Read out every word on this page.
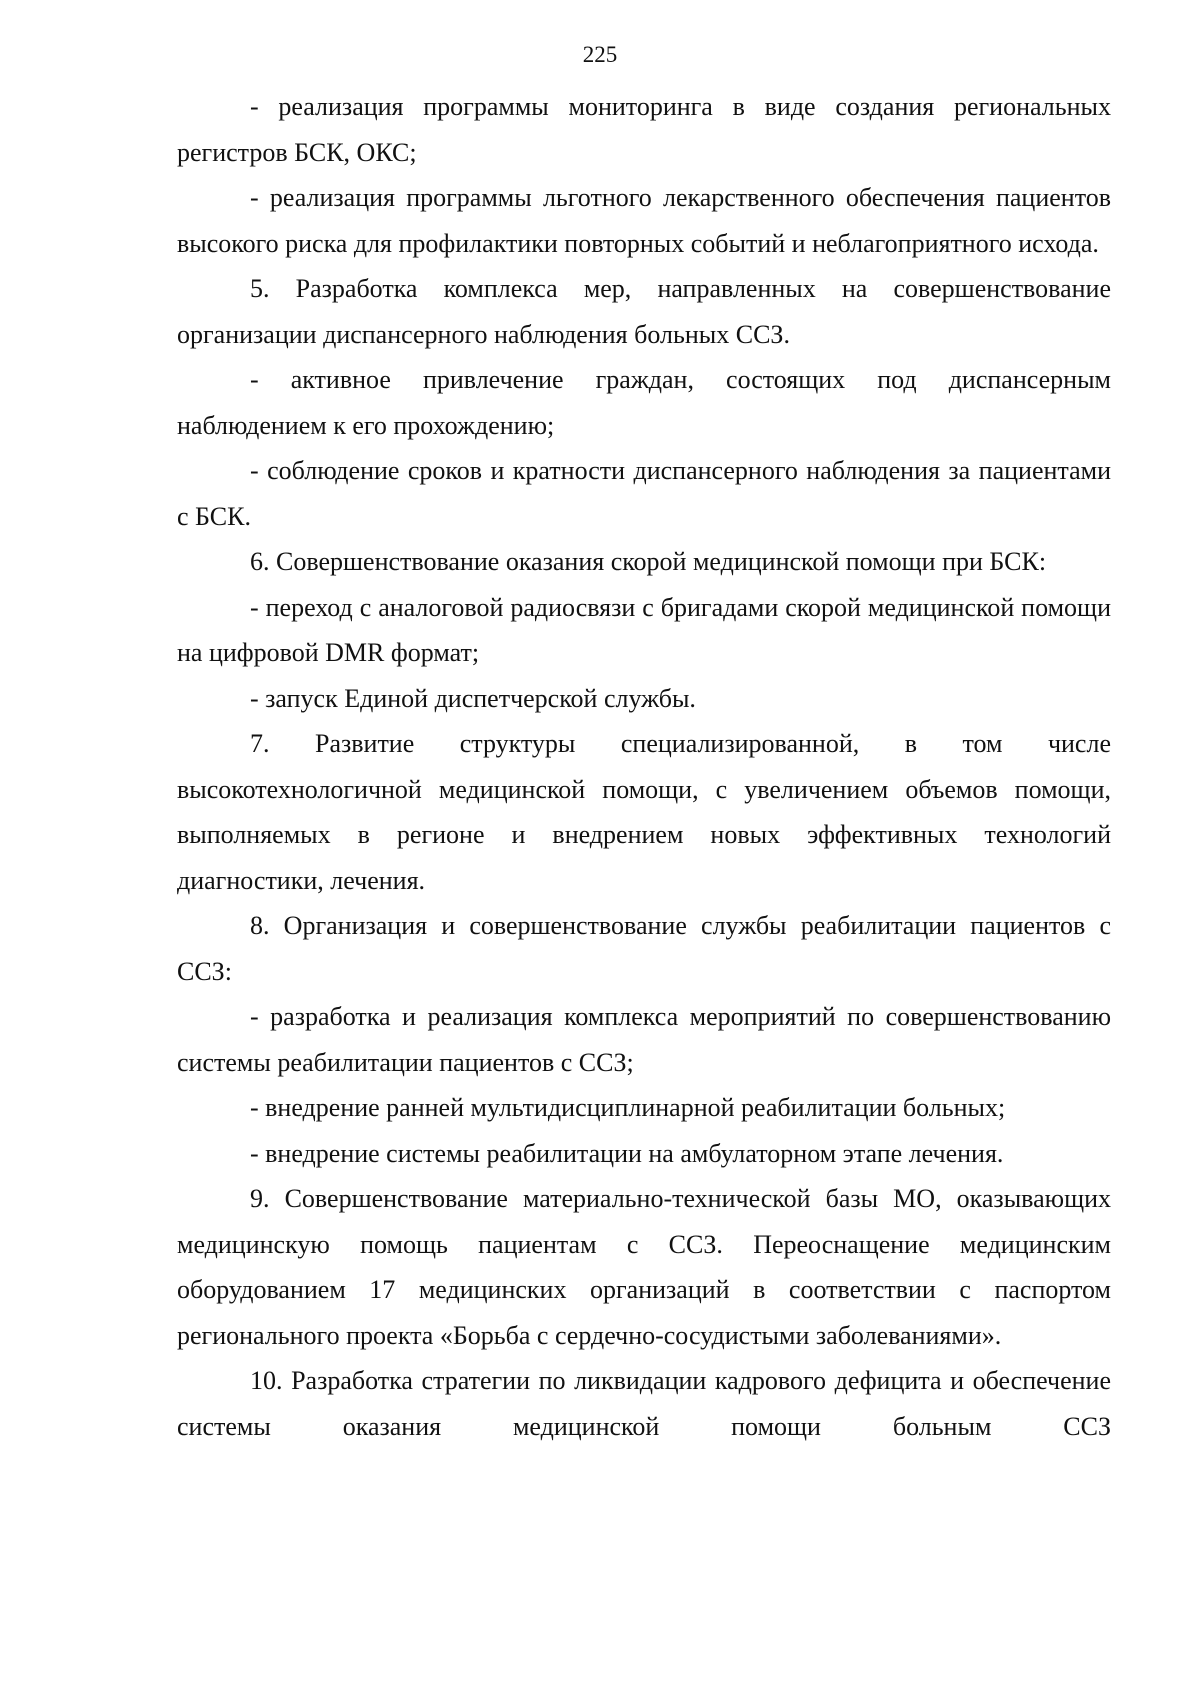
225

- реализация программы мониторинга в виде создания региональных регистров БСК, ОКС;

- реализация программы льготного лекарственного обеспечения пациентов высокого риска для профилактики повторных событий и неблагоприятного исхода.

5. Разработка комплекса мер, направленных на совершенствование организации диспансерного наблюдения больных ССЗ.

- активное привлечение граждан, состоящих под диспансерным наблюдением к его прохождению;

- соблюдение сроков и кратности диспансерного наблюдения за пациентами с БСК.

6. Совершенствование оказания скорой медицинской помощи при БСК:

- переход с аналоговой радиосвязи с бригадами скорой медицинской помощи на цифровой DMR формат;

- запуск Единой диспетчерской службы.

7. Развитие структуры специализированной, в том числе высокотехнологичной медицинской помощи, с увеличением объемов помощи, выполняемых в регионе и внедрением новых эффективных технологий диагностики, лечения.

8. Организация и совершенствование службы реабилитации пациентов с ССЗ:

- разработка и реализация комплекса мероприятий по совершенствованию системы реабилитации пациентов с ССЗ;

- внедрение ранней мультидисциплинарной реабилитации больных;

- внедрение системы реабилитации на амбулаторном этапе лечения.

9. Совершенствование материально-технической базы МО, оказывающих медицинскую помощь пациентам с ССЗ. Переоснащение медицинским оборудованием 17 медицинских организаций в соответствии с паспортом регионального проекта «Борьба с сердечно-сосудистыми заболеваниями».

10. Разработка стратегии по ликвидации кадрового дефицита и обеспечение системы оказания медицинской помощи больным ССЗ
